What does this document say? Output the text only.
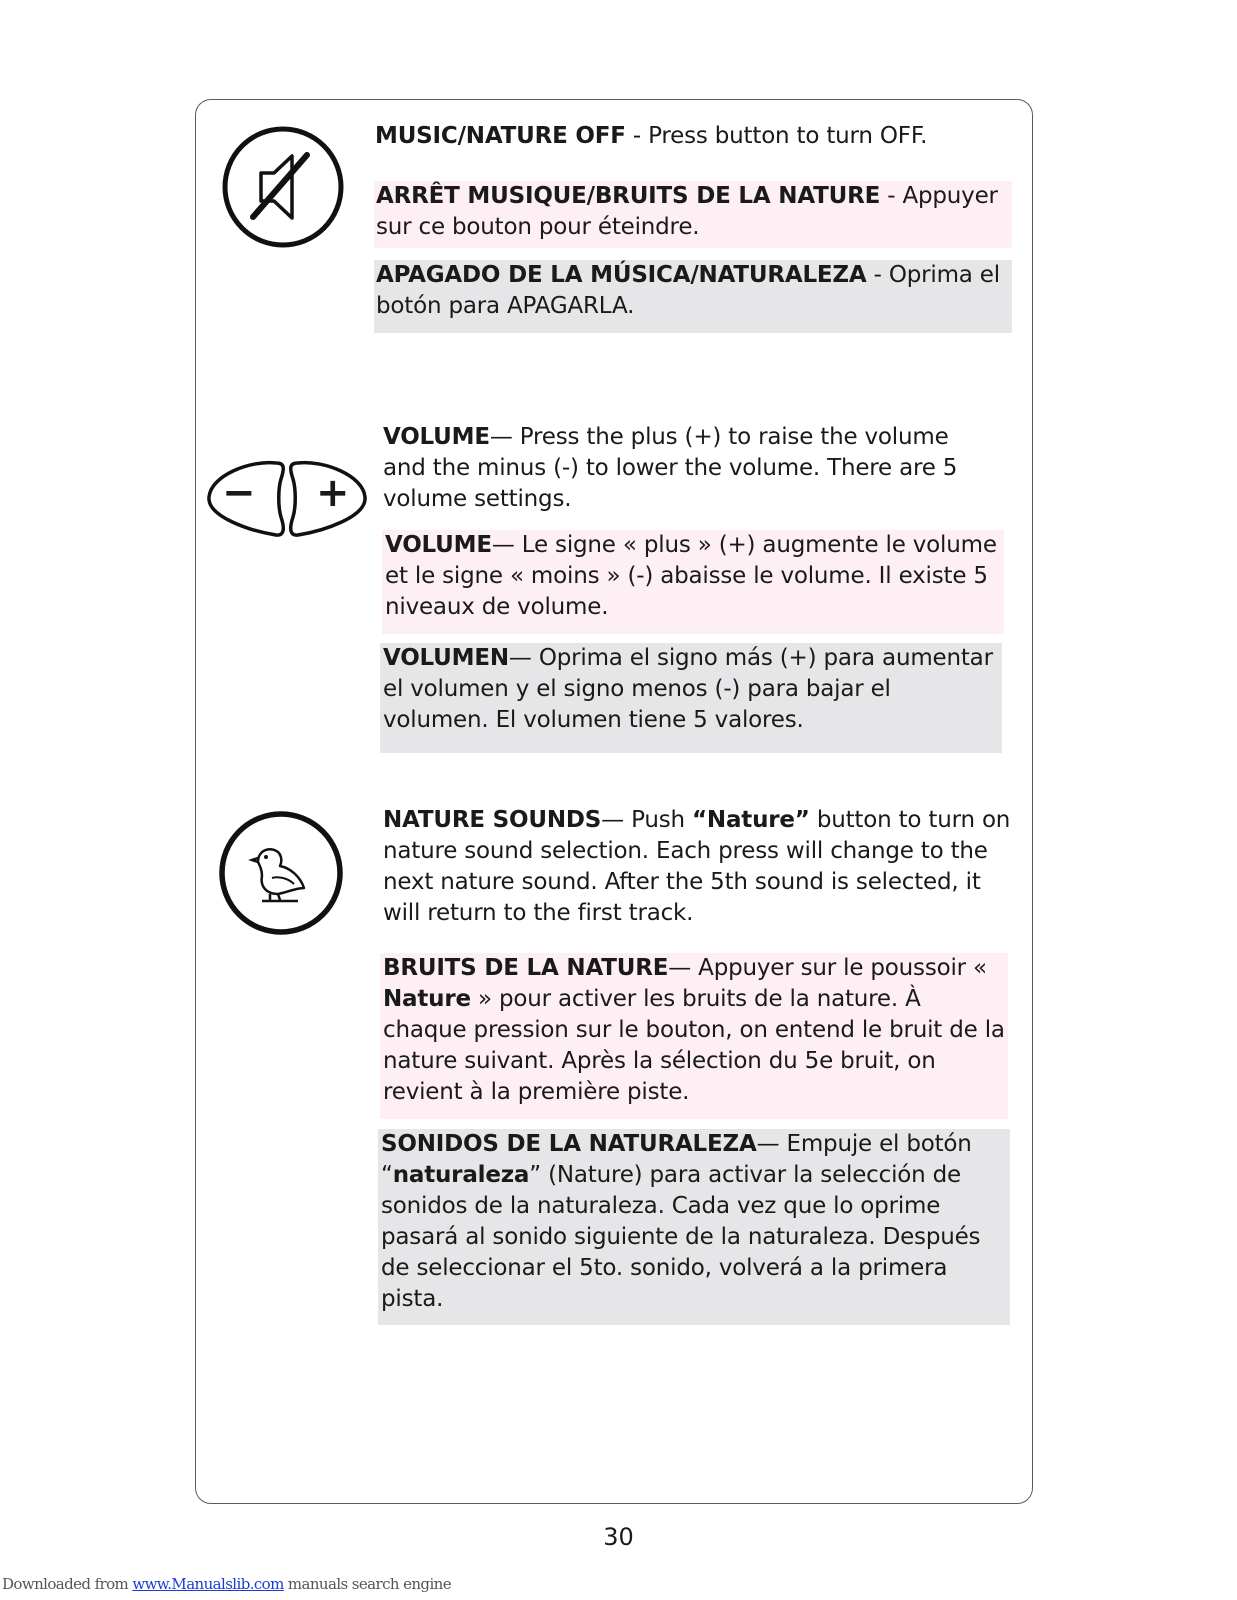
− +
MUSIC/NATURE OFF - Press button to turn OFF.
ARRÊT MUSIQUE/BRUITS DE LA NATURE - Appuyer sur ce bouton pour éteindre.
APAGADO DE LA MÚSICA/NATURALEZA - Oprima el botón para APAGARLA.
VOLUME— Press the plus (+) to raise the volume and the minus (-) to lower the volume. There are 5 volume settings.
VOLUME— Le signe « plus » (+) augmente le volume et le signe « moins » (-) abaisse le volume. Il existe 5 niveaux de volume.
VOLUMEN— Oprima el signo más (+) para aumentar el volumen y el signo menos (-) para bajar el volumen. El volumen tiene 5 valores.
NATURE SOUNDS— Push “Nature” button to turn on nature sound selection. Each press will change to the next nature sound. After the 5th sound is selected, it will return to the first track.
BRUITS DE LA NATURE— Appuyer sur le poussoir « Nature » pour activer les bruits de la nature. À chaque pression sur le bouton, on entend le bruit de la nature suivant. Après la sélection du 5e bruit, on revient à la première piste.
SONIDOS DE LA NATURALEZA— Empuje el botón “naturaleza” (Nature) para activar la selección de sonidos de la naturaleza. Cada vez que lo oprime pasará al sonido siguiente de la naturaleza. Después de seleccionar el 5to. sonido, volverá a la primera pista.
30
Downloaded from www.Manualslib.com manuals search engine
